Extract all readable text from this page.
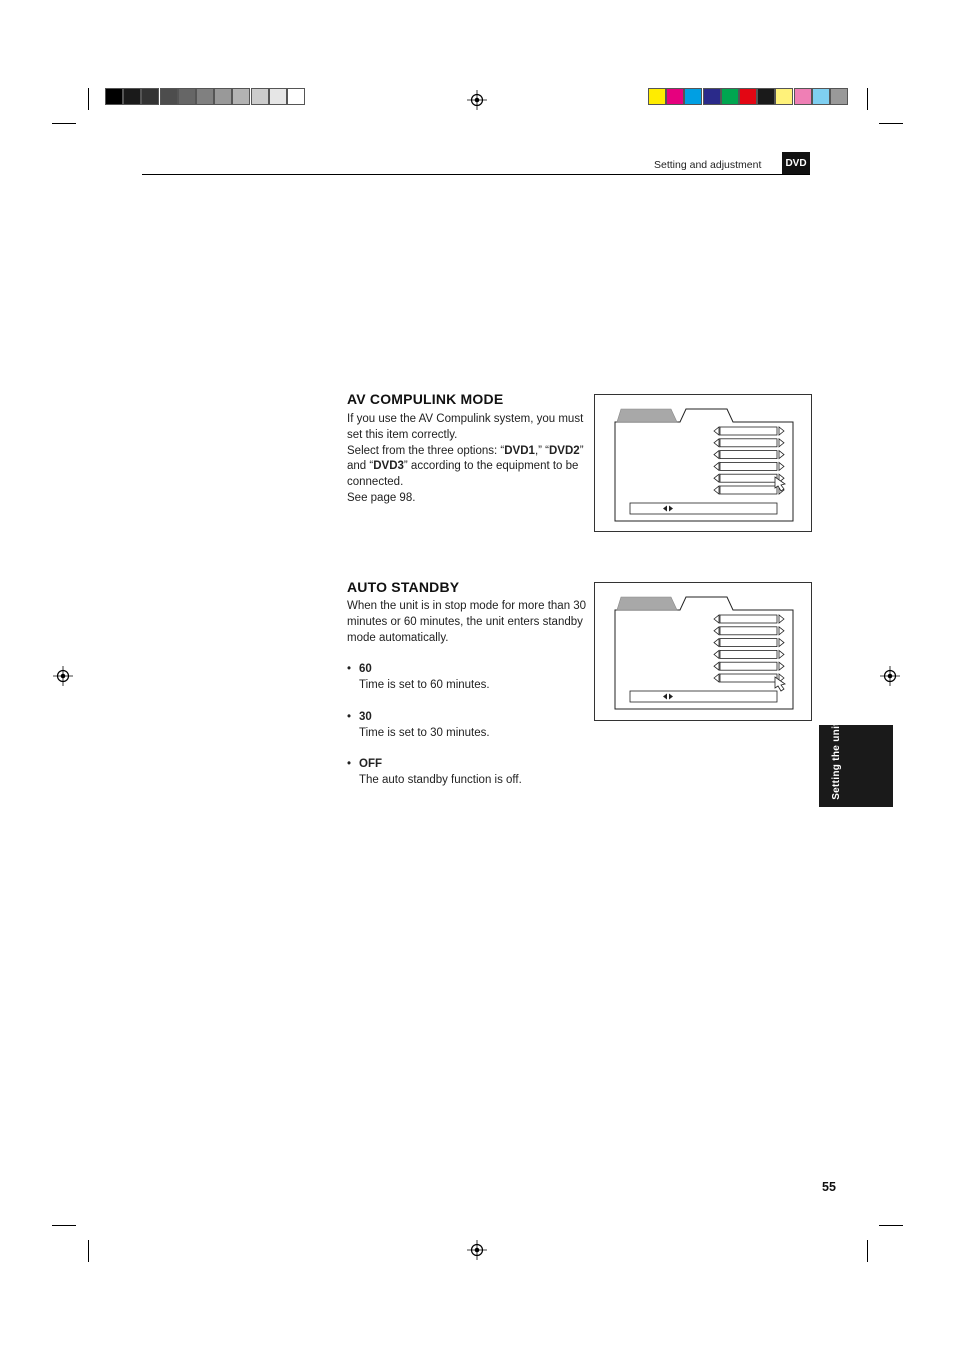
Setting and adjustment	DVD
AV COMPULINK MODE

If you use the AV Compulink system, you must set this item correctly.

Select from the three options: “DVD1,” “DVD2” and “DVD3” according to the equipment to be connected.

See page 98.

AUTO STANDBY
When the unit is in stop mode for more than 30 minutes or 60 minutes, the unit enters standby mode automatically.
• 60
Time is set to 60 minutes.
• 30
Time is set to 30 minutes.
• OFF
The auto standby function is off.	Setting the unit
55
